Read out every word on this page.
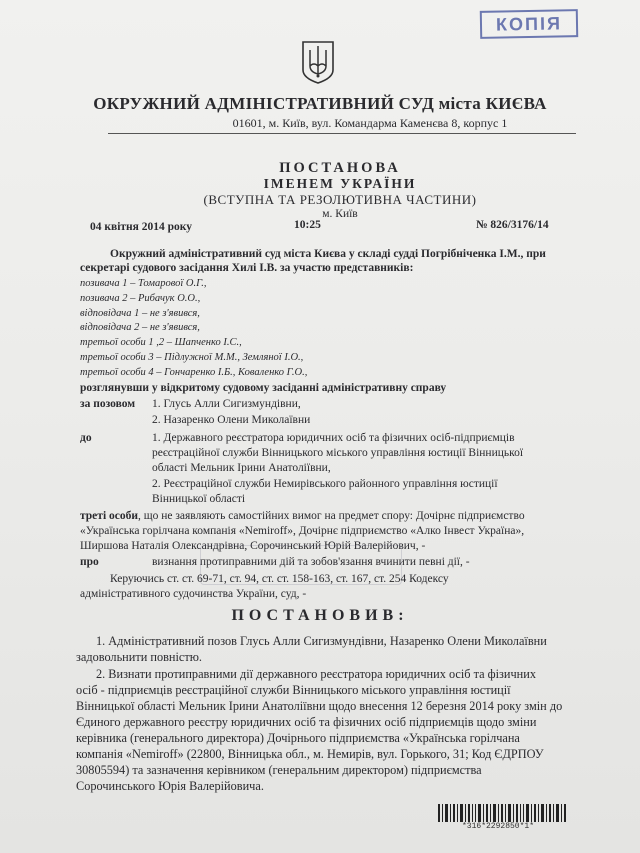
КОПІЯ
ОКРУЖНИЙ АДМІНІСТРАТИВНИЙ СУД міста КИЄВА
01601, м. Київ, вул. Командарма Каменєва 8, корпус 1
ПОСТАНОВА
ІМЕНЕМ УКРАЇНИ
(ВСТУПНА ТА РЕЗОЛЮТИВНА ЧАСТИНИ)
м. Київ
04 квітня 2014 року	10:25	№ 826/3176/14
Окружний адміністративний суд міста Києва у складі судді Погрібніченка І.М., при
секретарі судового засідання Хилі І.В. за участю представників:
позивача 1 – Томарової О.Г.,
позивача 2 – Рибачук О.О.,
відповідача 1 – не з'явився,
відповідача 2 – не з'явився,
третьої особи 1 ,2 – Шапченко І.С.,
третьої особи 3 – Підлужної М.М., Земляної І.О.,
третьої особи 4 – Гончаренко І.Б., Коваленко Г.О.,
розглянувши у відкритому судовому засіданні адміністративну справу
за позовом 1. Глусь Алли Сигизмундівни,
2. Назаренко Олени Миколаївни
до	1. Державного реєстратора юридичних осіб та фізичних осіб-підприємців
реєстраційної служби Вінницького міського управління юстиції Вінницької
області Мельник Ірини Анатоліївни,
2. Реєстраційної служби Немирівського районного управління юстиції
Вінницької області
треті особи, що не заявляють самостійних вимог на предмет спору: Дочірнє підприємство
«Українська горілчана компанія «Nemiroff», Дочірнє підприємство «Алко Інвест Україна»,
Ширшова Наталія Олександрівна, Сорочинський Юрій Валерійович, -
про	визнання протиправними дій та зобов'язання вчинити певні дії, -
Керуючись ст. ст. 69-71, ст. 94, ст. ст. 158-163, ст. 167, ст. 254 Кодексу
адміністративного судочинства України, суд, -
ПОСТАНОВИВ:
1. Адміністративний позов Глусь Алли Сигизмундівни, Назаренко Олени Миколаївни
задовольнити повністю.
2. Визнати протиправними дії державного реєстратора юридичних осіб та фізичних
осіб - підприємців реєстраційної служби Вінницького міського управління юстиції
Вінницької області Мельник Ірини Анатоліївни щодо внесення 12 березня 2014 року змін до
Єдиного державного реєстру юридичних осіб та фізичних осіб підприємців щодо зміни
керівника (генерального директора) Дочірнього підприємства «Українська горілчана
компанія «Nemiroff» (22800, Вінницька обл., м. Немирів, вул. Горького, 31; Код ЄДРПОУ
30805594) та зазначення керівником (генеральним директором) підприємства
Сорочинського Юрія Валерійовича.
*316*2292850*1*
